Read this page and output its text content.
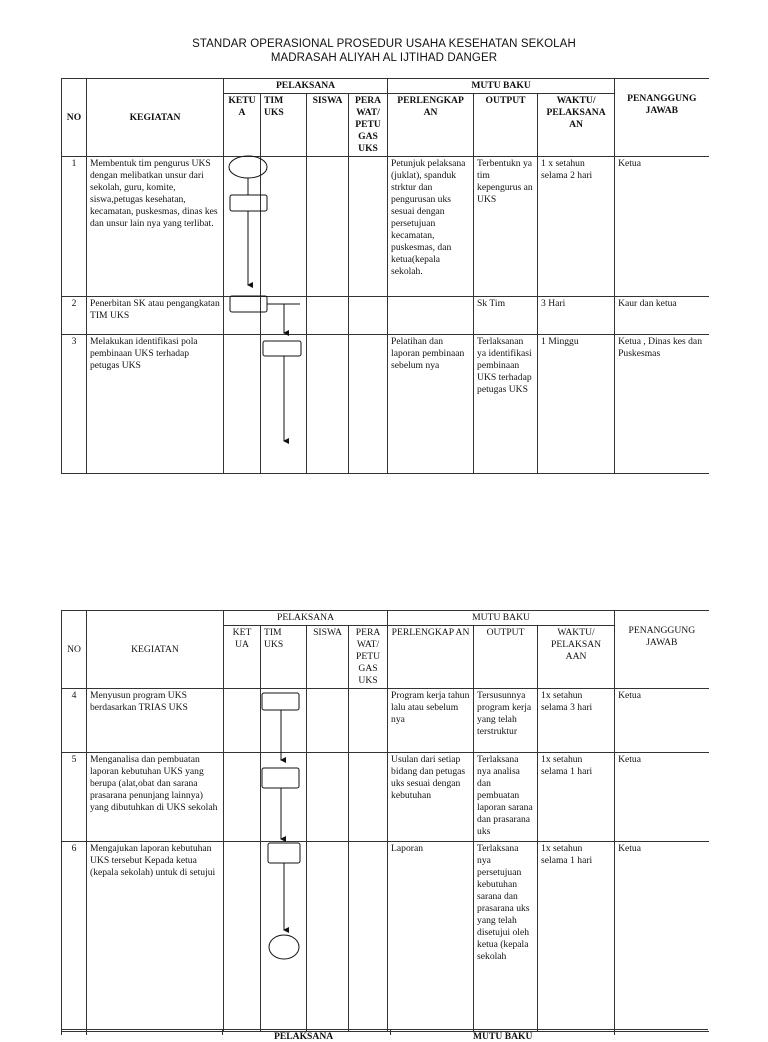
STANDAR OPERASIONAL PROSEDUR USAHA KESEHATAN SEKOLAH
MADRASAH ALIYAH AL IJTIHAD DANGER
NO	KEGIATAN	PELAKSANA				MUTU BAKU			PENANGGUNG JAWAB
		KETU A	TIM UKS	SISWA	PERA WAT/ PETU GAS UKS	PERLENGKAP AN	OUTPUT	WAKTU/ PELAKSANA AN	
1	Membentuk tim pengurus UKS dengan melibatkan unsur dari sekolah, guru, komite, siswa,petugas kesehatan, kecamatan, puskesmas, dinas kes dan unsur lain nya yang terlibat.					Petunjuk pelaksana (juklat), spanduk strktur dan pengurusan uks sesuai dengan persetujuan kecamatan, puskesmas, dan ketua(kepala sekolah.	Terbentukn ya tim kepengurus an UKS	1 x setahun selama 2 hari	Ketua
2	Penerbitan SK atau pengangkatan TIM UKS						Sk Tim	3 Hari	Kaur dan ketua
3	Melakukan identifikasi pola pembinaan UKS terhadap petugas UKS					Pelatihan dan laporan pembinaan sebelum nya	Terlaksanan ya identifikasi pembinaan UKS terhadap petugas UKS	1 Minggu	Ketua , Dinas kes dan Puskesmas
NO	KEGIATAN	PELAKSANA				MUTU BAKU			PENANGGUNG JAWAB
		KET UA	TIM UKS	SISWA	PERA WAT/ PETU GAS UKS	PERLENGKAP AN	OUTPUT	WAKTU/ PELAKSAN AAN	
4	Menyusun program UKS berdasarkan TRIAS UKS					Program kerja tahun lalu atau sebelum nya	Tersusunnya program kerja yang telah terstruktur	1x setahun selama 3 hari	Ketua
5	Menganalisa dan pembuatan laporan kebutuhan UKS yang berupa (alat,obat dan sarana prasarana penunjang lainnya) yang dibutuhkan di UKS sekolah					Usulan dari setiap bidang dan petugas uks sesuai dengan kebutuhan	Terlaksana nya analisa dan pembuatan laporan sarana dan prasarana uks	1x setahun selama 1 hari	Ketua
6	Mengajukan laporan kebutuhan UKS tersebut Kepada ketua (kepala sekolah) untuk di setujui					Laporan	Terlaksana nya persetujuan kebutuhan sarana dan prasarana uks yang telah disetujui oleh ketua (kepala sekolah	1x setahun selama 1 hari	Ketua
PELAKSANA	MUTU BAKU
